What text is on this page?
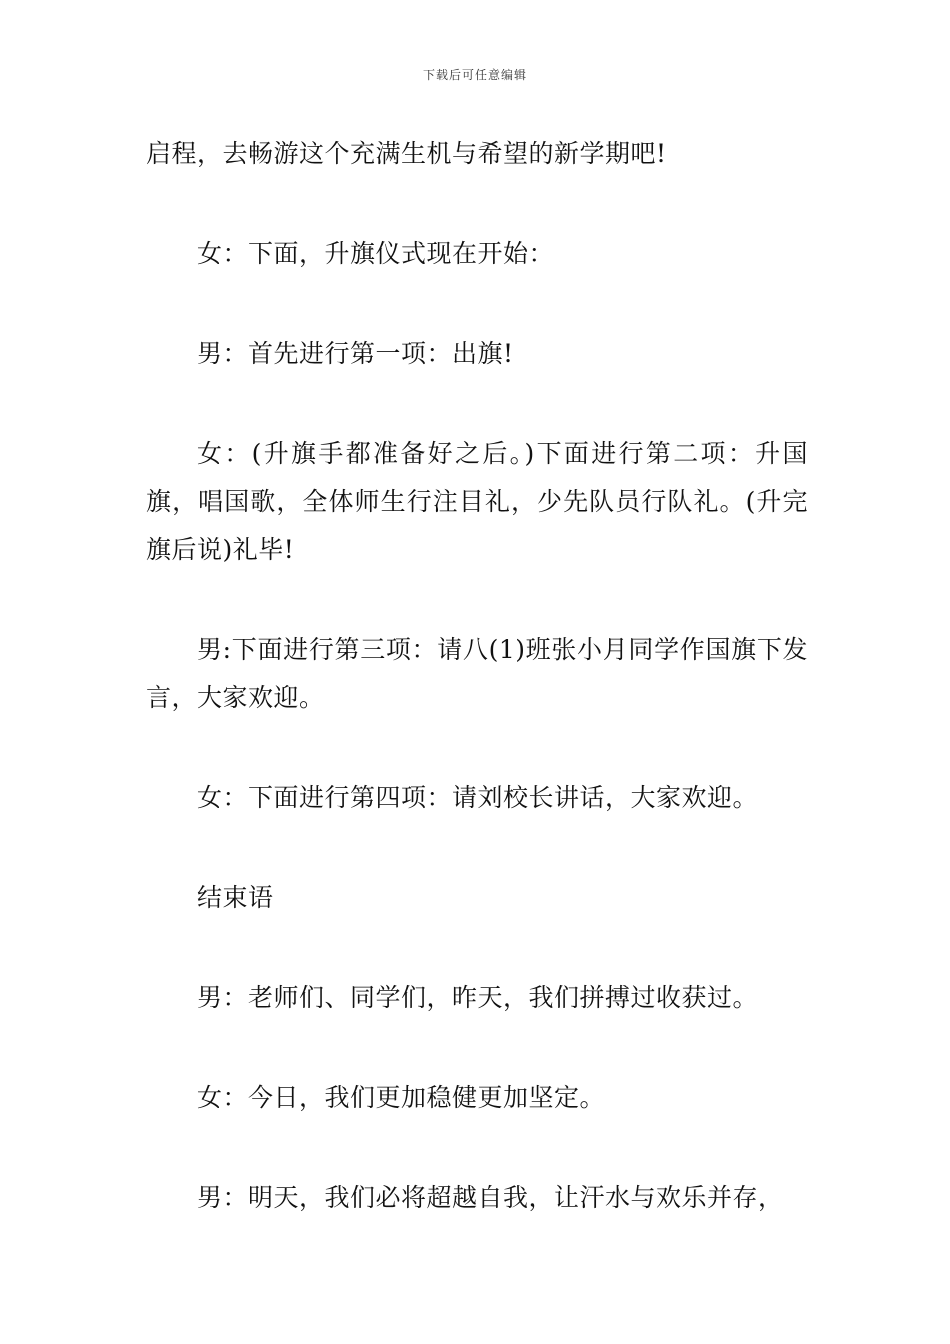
下载后可任意编辑

启程，去畅游这个充满生机与希望的新学期吧!

女：下面，升旗仪式现在开始：

男：首先进行第一项：出旗!

女：(升旗手都准备好之后。)下面进行第二项：升国旗，唱国歌，全体师生行注目礼，少先队员行队礼。(升完旗后说)礼毕!

男:下面进行第三项：请八(1)班张小月同学作国旗下发言，大家欢迎。

女：下面进行第四项：请刘校长讲话，大家欢迎。

结束语

男：老师们、同学们，昨天，我们拼搏过收获过。

女：今日，我们更加稳健更加坚定。

男：明天，我们必将超越自我，让汗水与欢乐并存，
